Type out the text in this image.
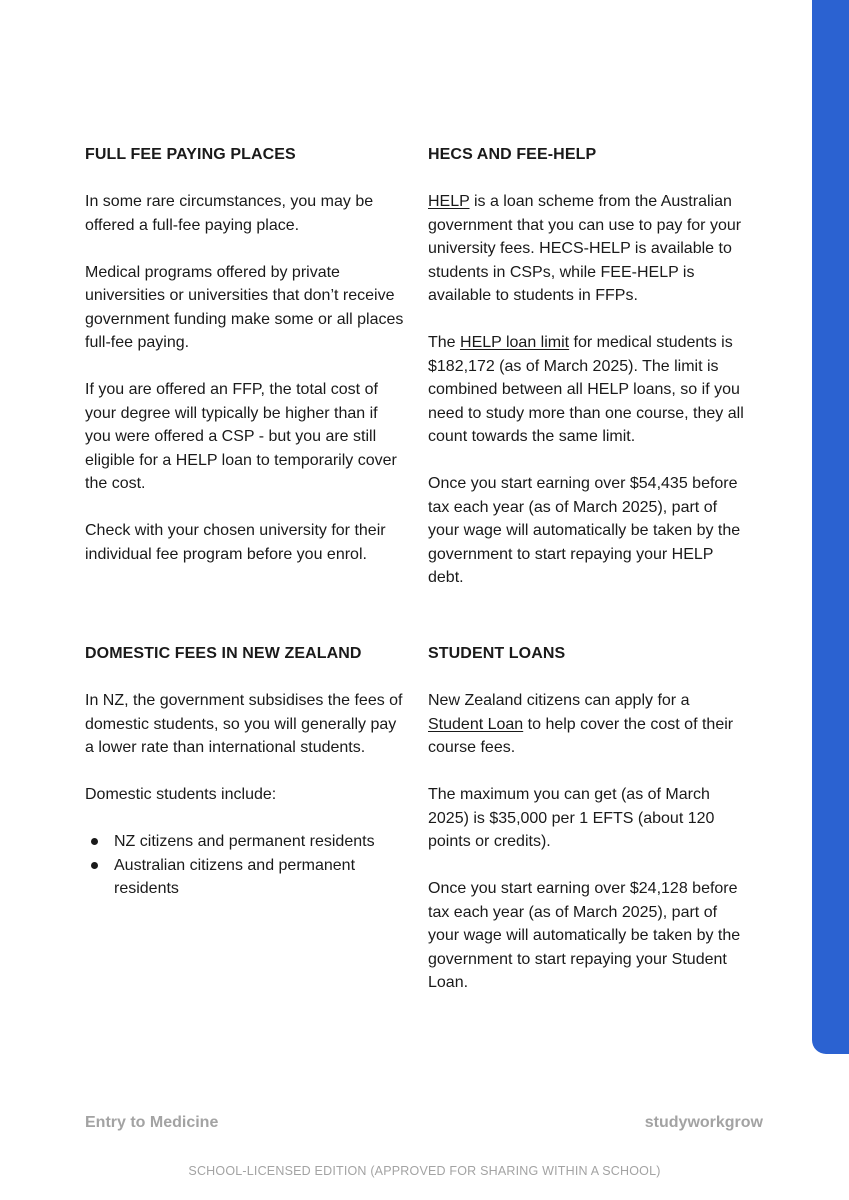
FULL FEE PAYING PLACES

In some rare circumstances, you may be offered a full-fee paying place.

Medical programs offered by private universities or universities that don’t receive government funding make some or all places full-fee paying.

If you are offered an FFP, the total cost of your degree will typically be higher than if you were offered a CSP - but you are still eligible for a HELP loan to temporarily cover the cost.

Check with your chosen university for their individual fee program before you enrol.

HECS AND FEE-HELP

HELP is a loan scheme from the Australian government that you can use to pay for your university fees. HECS-HELP is available to students in CSPs, while FEE-HELP is available to students in FFPs.

The HELP loan limit for medical students is $182,172 (as of March 2025). The limit is combined between all HELP loans, so if you need to study more than one course, they all count towards the same limit.

Once you start earning over $54,435 before tax each year (as of March 2025), part of your wage will automatically be taken by the government to start repaying your HELP debt.

DOMESTIC FEES IN NEW ZEALAND

In NZ, the government subsidises the fees of domestic students, so you will generally pay a lower rate than international students.

Domestic students include:

NZ citizens and permanent residents
Australian citizens and permanent residents
STUDENT LOANS

New Zealand citizens can apply for a Student Loan to help cover the cost of their course fees.

The maximum you can get (as of March 2025) is $35,000 per 1 EFTS (about 120 points or credits).

Once you start earning over $24,128 before tax each year (as of March 2025), part of your wage will automatically be taken by the government to start repaying your Student Loan.

Entry to Medicine	studyworkgrow
SCHOOL-LICENSED EDITION (APPROVED FOR SHARING WITHIN A SCHOOL)
